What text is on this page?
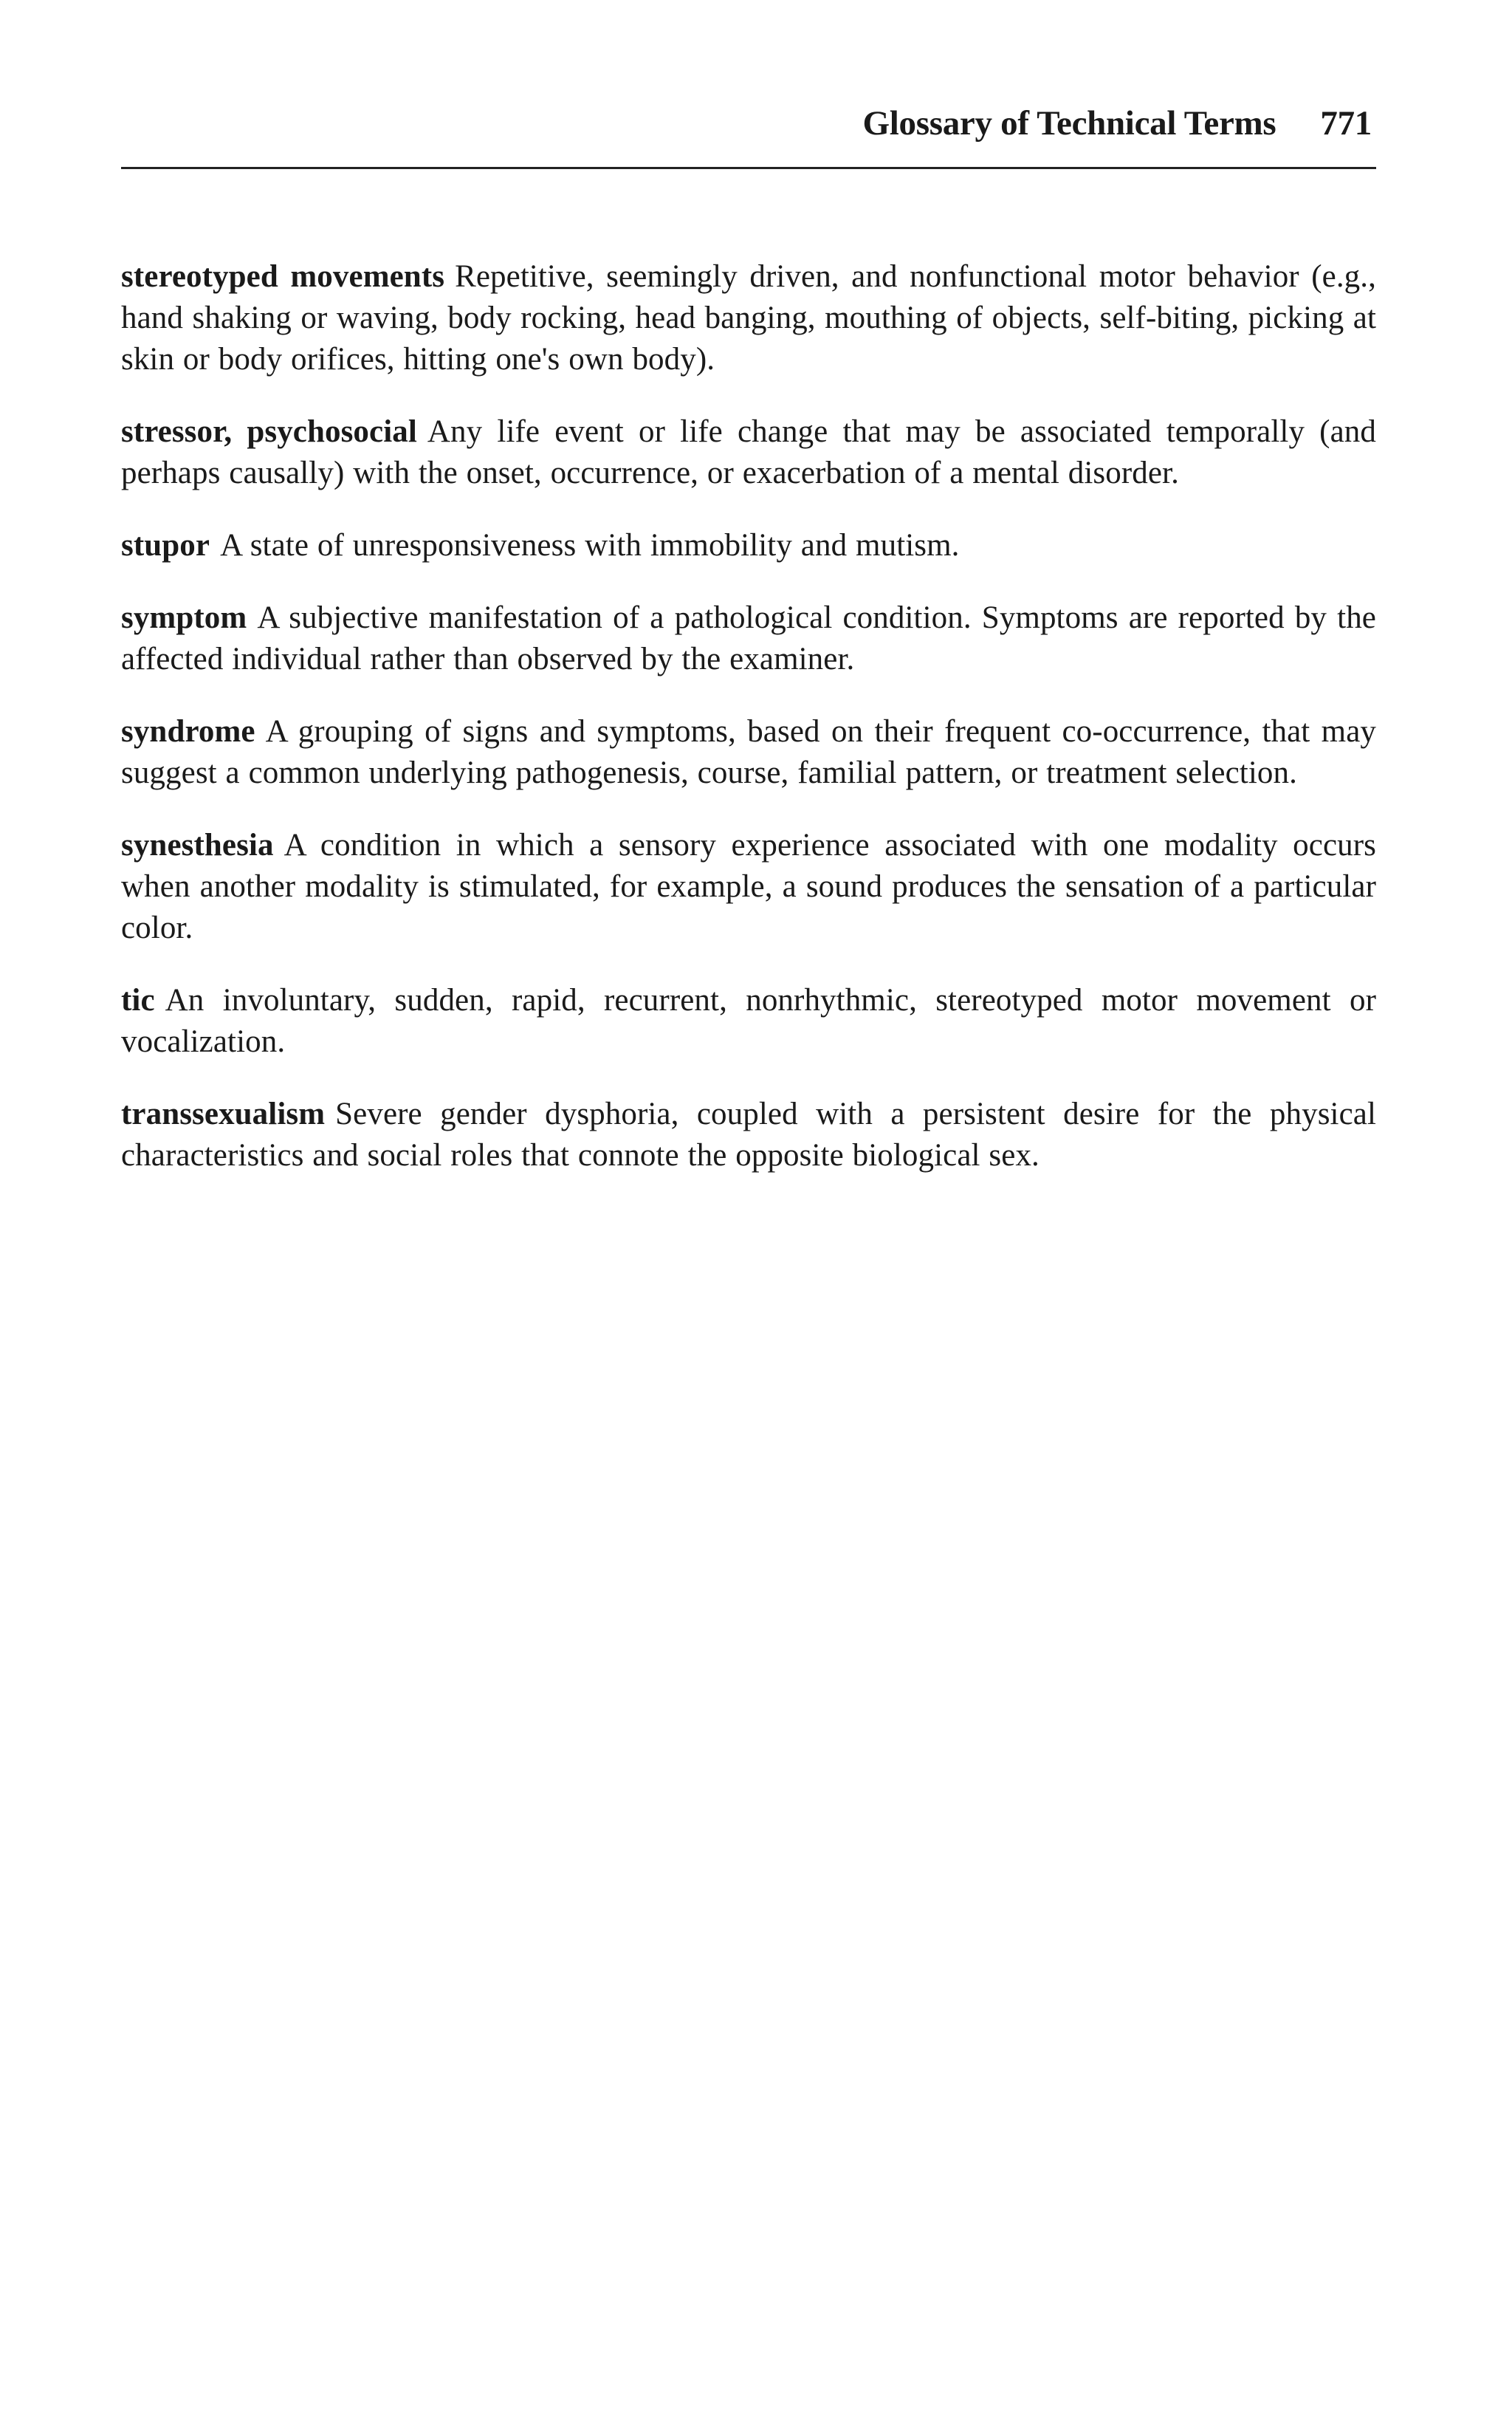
Glossary of Technical Terms 771

stereotyped movements Repetitive, seemingly driven, and nonfunctional motor behavior (e.g., hand shaking or waving, body rocking, head banging, mouthing of objects, self-biting, picking at skin or body orifices, hitting one's own body).

stressor, psychosocial Any life event or life change that may be associated temporally (and perhaps causally) with the onset, occurrence, or exacerbation of a mental disorder.

stupor A state of unresponsiveness with immobility and mutism.

symptom A subjective manifestation of a pathological condition. Symptoms are reported by the affected individual rather than observed by the examiner.

syndrome A grouping of signs and symptoms, based on their frequent co-occurrence, that may suggest a common underlying pathogenesis, course, familial pattern, or treatment selection.

synesthesia A condition in which a sensory experience associated with one modality occurs when another modality is stimulated, for example, a sound produces the sensation of a particular color.

tic An involuntary, sudden, rapid, recurrent, nonrhythmic, stereotyped motor movement or vocalization.

transsexualism Severe gender dysphoria, coupled with a persistent desire for the physical characteristics and social roles that connote the opposite biological sex.
